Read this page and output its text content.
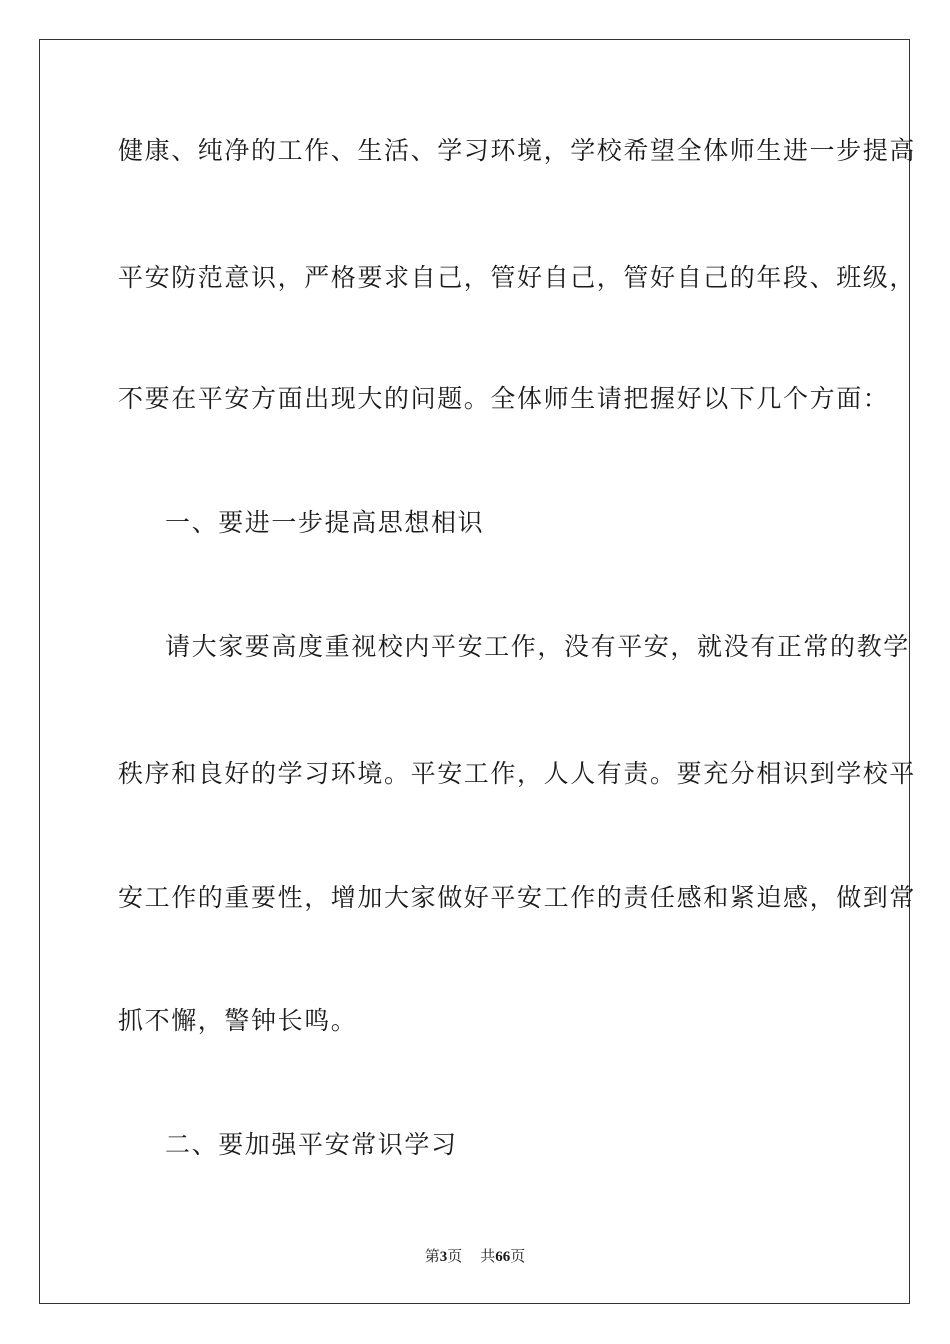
健康、纯净的工作、生活、学习环境，学校希望全体师生进一步提高
平安防范意识，严格要求自己，管好自己，管好自己的年段、班级，
不要在平安方面出现大的问题。全体师生请把握好以下几个方面：
一、要进一步提高思想相识
请大家要高度重视校内平安工作，没有平安，就没有正常的教学
秩序和良好的学习环境。平安工作，人人有责。要充分相识到学校平
安工作的重要性，增加大家做好平安工作的责任感和紧迫感，做到常
抓不懈，警钟长鸣。
二、要加强平安常识学习
第3页 共66页
